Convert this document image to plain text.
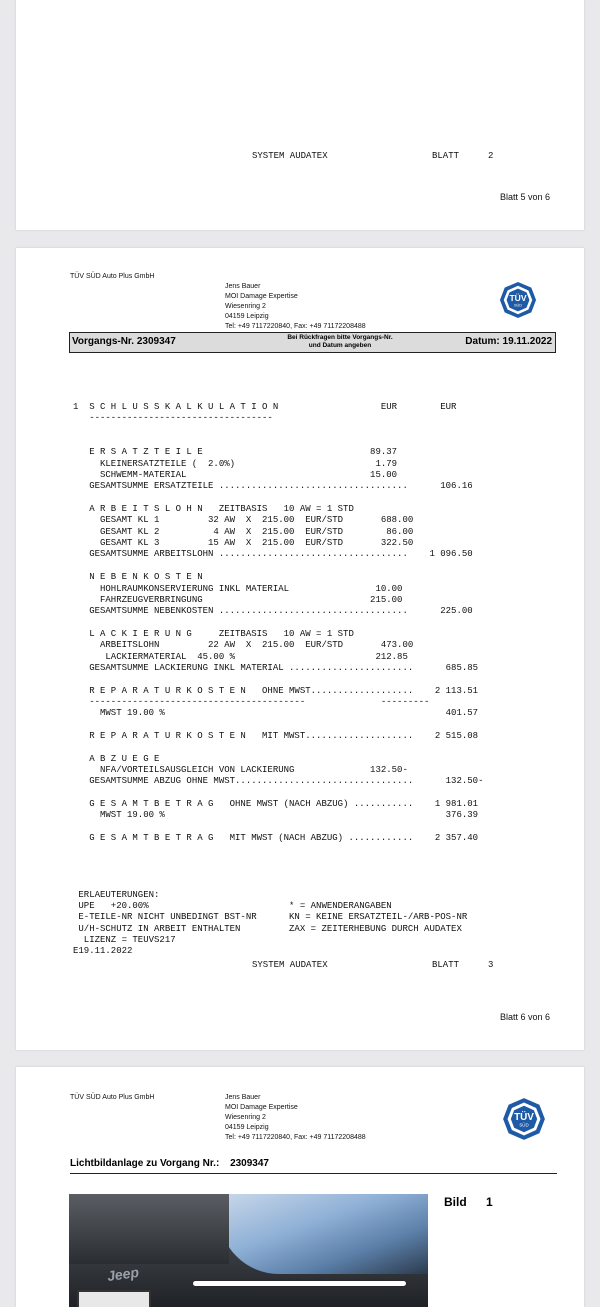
SYSTEM AUDATEX	BLATT	2
Blatt 5 von 6
TÜV SÜD Auto Plus GmbH
Jens Bauer
MOI Damage Expertise
Wiesenring 2
04159 Leipzig
Tel: +49 7117220840, Fax: +49 71172208488
TÜV
SÜD
Vorgangs-Nr. 2309347	Bei Rückfragen bitte Vorgangs-Nr.
und Datum angeben	Datum: 19.11.2022
1  S C H L U S S K A L K U L A T I O N                   EUR        EUR
----------------------------------

E R S A T Z T E I L E                               89.37
KLEINERSATZTEILE (  2.0%)                          1.79
SCHWEMM-MATERIAL                                  15.00
GESAMTSUMME ERSATZTEILE ...................................      106.16

A R B E I T S L O H N   ZEITBASIS   10 AW = 1 STD
GESAMT KL 1         32 AW  X  215.00  EUR/STD       688.00
GESAMT KL 2          4 AW  X  215.00  EUR/STD        86.00
GESAMT KL 3         15 AW  X  215.00  EUR/STD       322.50
GESAMTSUMME ARBEITSLOHN ...................................    1 096.50

N E B E N K O S T E N
HOHLRAUMKONSERVIERUNG INKL MATERIAL                10.00
FAHRZEUGVERBRINGUNG                               215.00
GESAMTSUMME NEBENKOSTEN ...................................      225.00

L A C K I E R U N G     ZEITBASIS   10 AW = 1 STD
ARBEITSLOHN         22 AW  X  215.00  EUR/STD       473.00
LACKIERMATERIAL  45.00 %                          212.85
GESAMTSUMME LACKIERUNG INKL MATERIAL .......................      685.85

R E P A R A T U R K O S T E N   OHNE MWST...................    2 113.51
----------------------------------------              ---------
MWST 19.00 %                                                    401.57

R E P A R A T U R K O S T E N   MIT MWST....................    2 515.08

A B Z U E G E
NFA/VORTEILSAUSGLEICH VON LACKIERUNG              132.50-
GESAMTSUMME ABZUG OHNE MWST.................................      132.50-

G E S A M T B E T R A G   OHNE MWST (NACH ABZUG) ...........    1 981.01
MWST 19.00 %                                                    376.39

G E S A M T B E T R A G   MIT MWST (NACH ABZUG) ............    2 357.40
ERLAEUTERUNGEN:
UPE   +20.00%                          * = ANWENDERANGABEN
E-TEILE-NR NICHT UNBEDINGT BST-NR      KN = KEINE ERSATZTEIL-/ARB-POS-NR
U/H-SCHUTZ IN ARBEIT ENTHALTEN         ZAX = ZEITERHEBUNG DURCH AUDATEX
LIZENZ = TEUVS217
E19.11.2022
SYSTEM AUDATEX	BLATT	3
Blatt 6 von 6
TÜV SÜD Auto Plus GmbH	Jens Bauer
MOI Damage Expertise
Wiesenring 2
04159 Leipzig
Tel: +49 7117220840, Fax: +49 71172208488
TÜV
SÜD
Lichtbildanlage zu Vorgang Nr.: 2309347
Jeep
Bild 1
